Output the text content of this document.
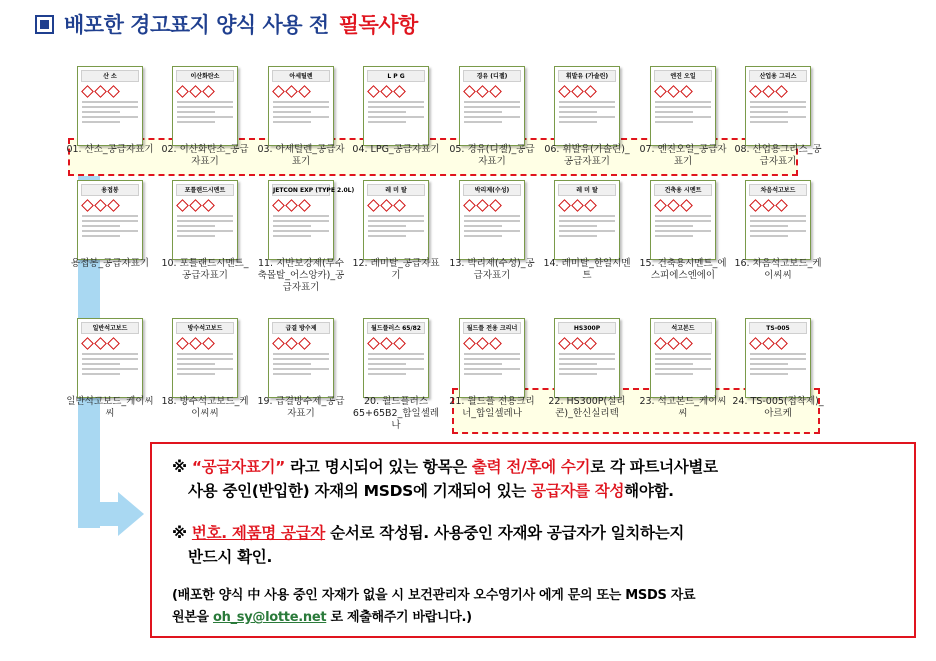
배포한 경고표지 양식 사용 전 필독사항
산 소
01. 산소_공급자표기
이산화탄소
02. 이산화탄소_공급자표기
아세틸렌
03. 아세틸렌_공급자표기
L P G
04. LPG_공급자표기
경유 (디젤)
05. 경유(디젤)_공급자표기
휘발유 (가솔린)
06. 휘발유(가솔린)_공급자표기
엔진 오일
07. 엔진오일_공급자표기
산업용 그리스
08. 산업용그리스_공급자표기
용접봉
용접봉_공급자표기
포틀랜드시멘트
10. 포틀랜드시멘트_공급자표기
JETCON EXP (TYPE 2.0L)
11. 지반보강제(무수축몰탈_어스앙카)_공급자표기
레 미 탈
12. 레미탈_공급자표기
박리제(수성)
13. 박리제(수성)_공급자표기
레 미 탈
14. 레미탈_한일시멘트
건축용 시멘트
15. 건축용시멘트_에스피에스엔에이
차음석고보드
16. 차음석고보드_케이씨씨
일반석고보드
일반석고보드_케이씨씨
방수석고보드
18. 방수석고보드_케이씨씨
급결 방수제
19. 급결방수제_공급자표기
월드플러스 65/82
20. 월드플러스65+65B2_합일셀레나
월드플 전용 크리너
21. 월드플 전용크리너_합일셀레나
HS300P
22. HS300P(실리콘)_한신실리텍
석고본드
23. 석고본드_케이씨씨
TS-005
24. TS-005(접착제)_아르케

※ “공급자표기” 라고 명시되어 있는 항목은 출력 전/후에 수기로 각 파트너사별로

사용 중인(반입한) 자재의 MSDS에 기재되어 있는 공급자를 작성해야함.

※ 번호. 제품명 공급자 순서로 작성됨. 사용중인 자재와 공급자가 일치하는지

반드시 확인.

(배포한 양식 中 사용 중인 자재가 없을 시 보건관리자 오수영기사 에게 문의 또는 MSDS 자료

원본을 oh_sy@lotte.net 로 제출해주기 바랍니다.)
